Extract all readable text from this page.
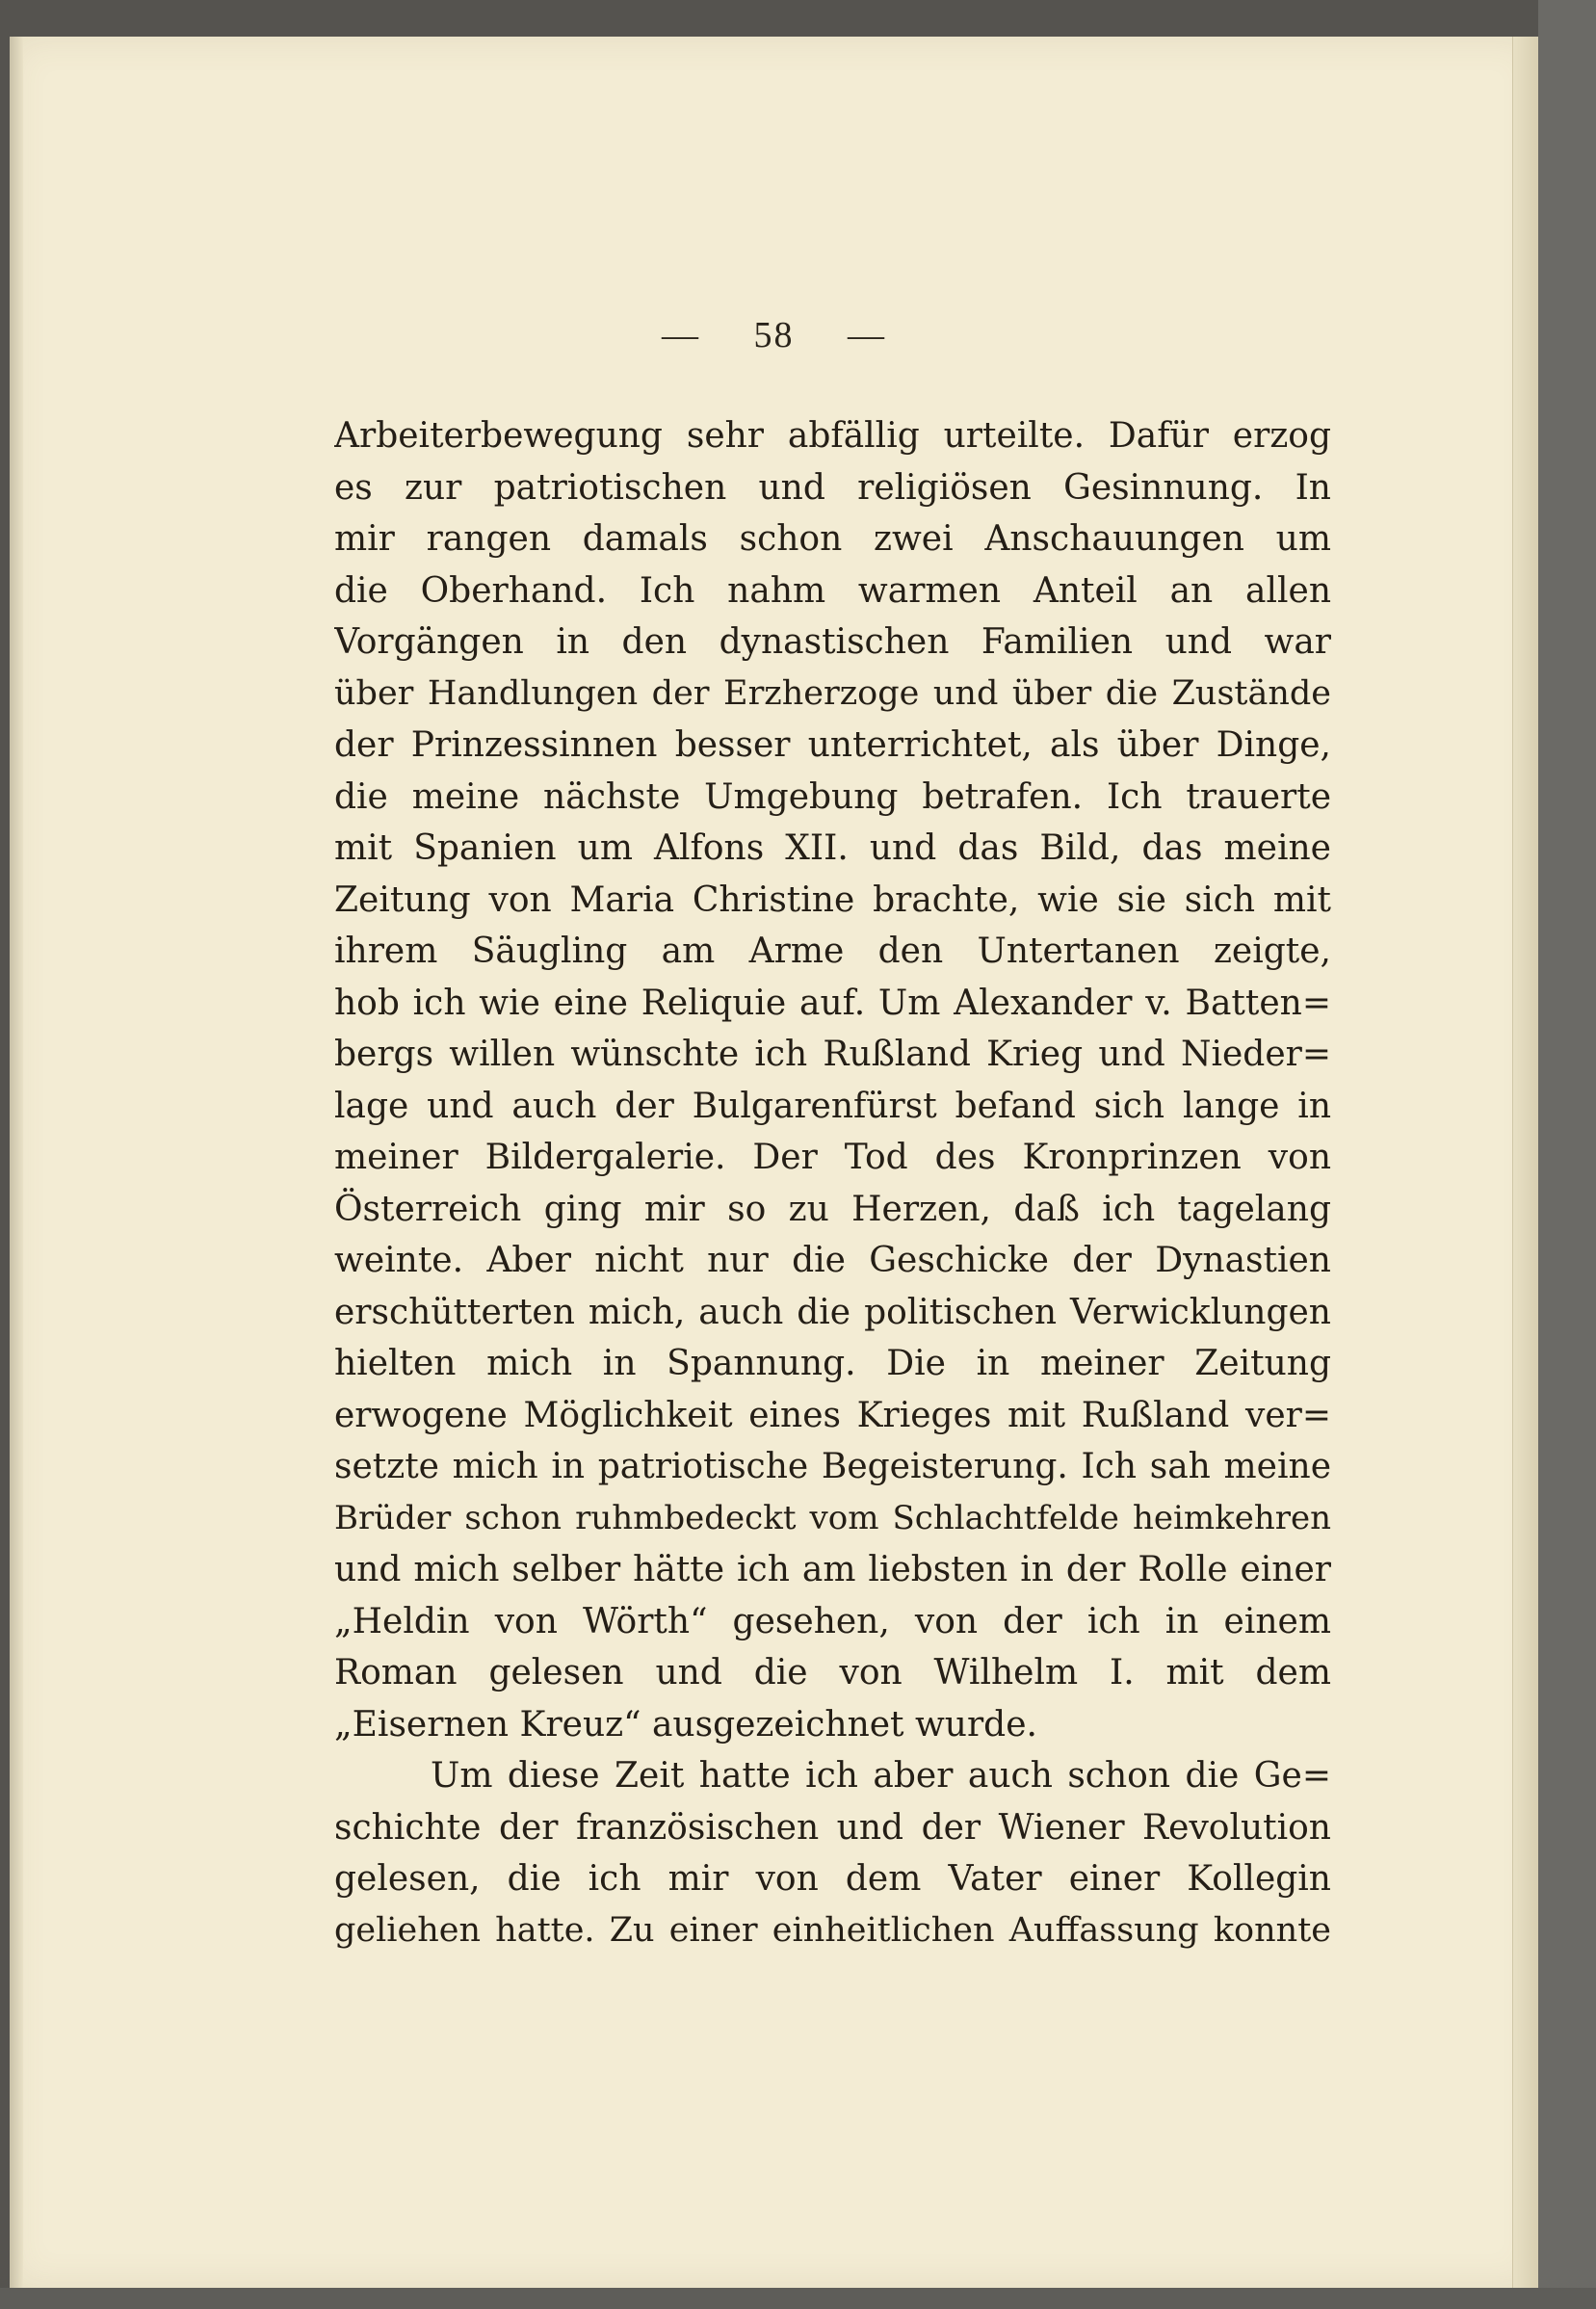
— 58 —
Arbeiterbewegung sehr abfällig urteilte. Dafür erzog
es zur patriotischen und religiösen Gesinnung. In
mir rangen damals schon zwei Anschauungen um
die Oberhand. Ich nahm warmen Anteil an allen
Vorgängen in den dynastischen Familien und war
über Handlungen der Erzherzoge und über die Zustände
der Prinzessinnen besser unterrichtet, als über Dinge,
die meine nächste Umgebung betrafen. Ich trauerte
mit Spanien um Alfons XII. und das Bild, das meine
Zeitung von Maria Christine brachte, wie sie sich mit
ihrem Säugling am Arme den Untertanen zeigte,
hob ich wie eine Reliquie auf. Um Alexander v. Batten=
bergs willen wünschte ich Rußland Krieg und Nieder=
lage und auch der Bulgarenfürst befand sich lange in
meiner Bildergalerie. Der Tod des Kronprinzen von
Österreich ging mir so zu Herzen, daß ich tagelang
weinte. Aber nicht nur die Geschicke der Dynastien
erschütterten mich, auch die politischen Verwicklungen
hielten mich in Spannung. Die in meiner Zeitung
erwogene Möglichkeit eines Krieges mit Rußland ver=
setzte mich in patriotische Begeisterung. Ich sah meine
Brüder schon ruhmbedeckt vom Schlachtfelde heimkehren
und mich selber hätte ich am liebsten in der Rolle einer
„Heldin von Wörth“ gesehen, von der ich in einem
Roman gelesen und die von Wilhelm I. mit dem
„Eisernen Kreuz“ ausgezeichnet wurde.
Um diese Zeit hatte ich aber auch schon die Ge=
schichte der französischen und der Wiener Revolution
gelesen, die ich mir von dem Vater einer Kollegin
geliehen hatte. Zu einer einheitlichen Auffassung konnte
